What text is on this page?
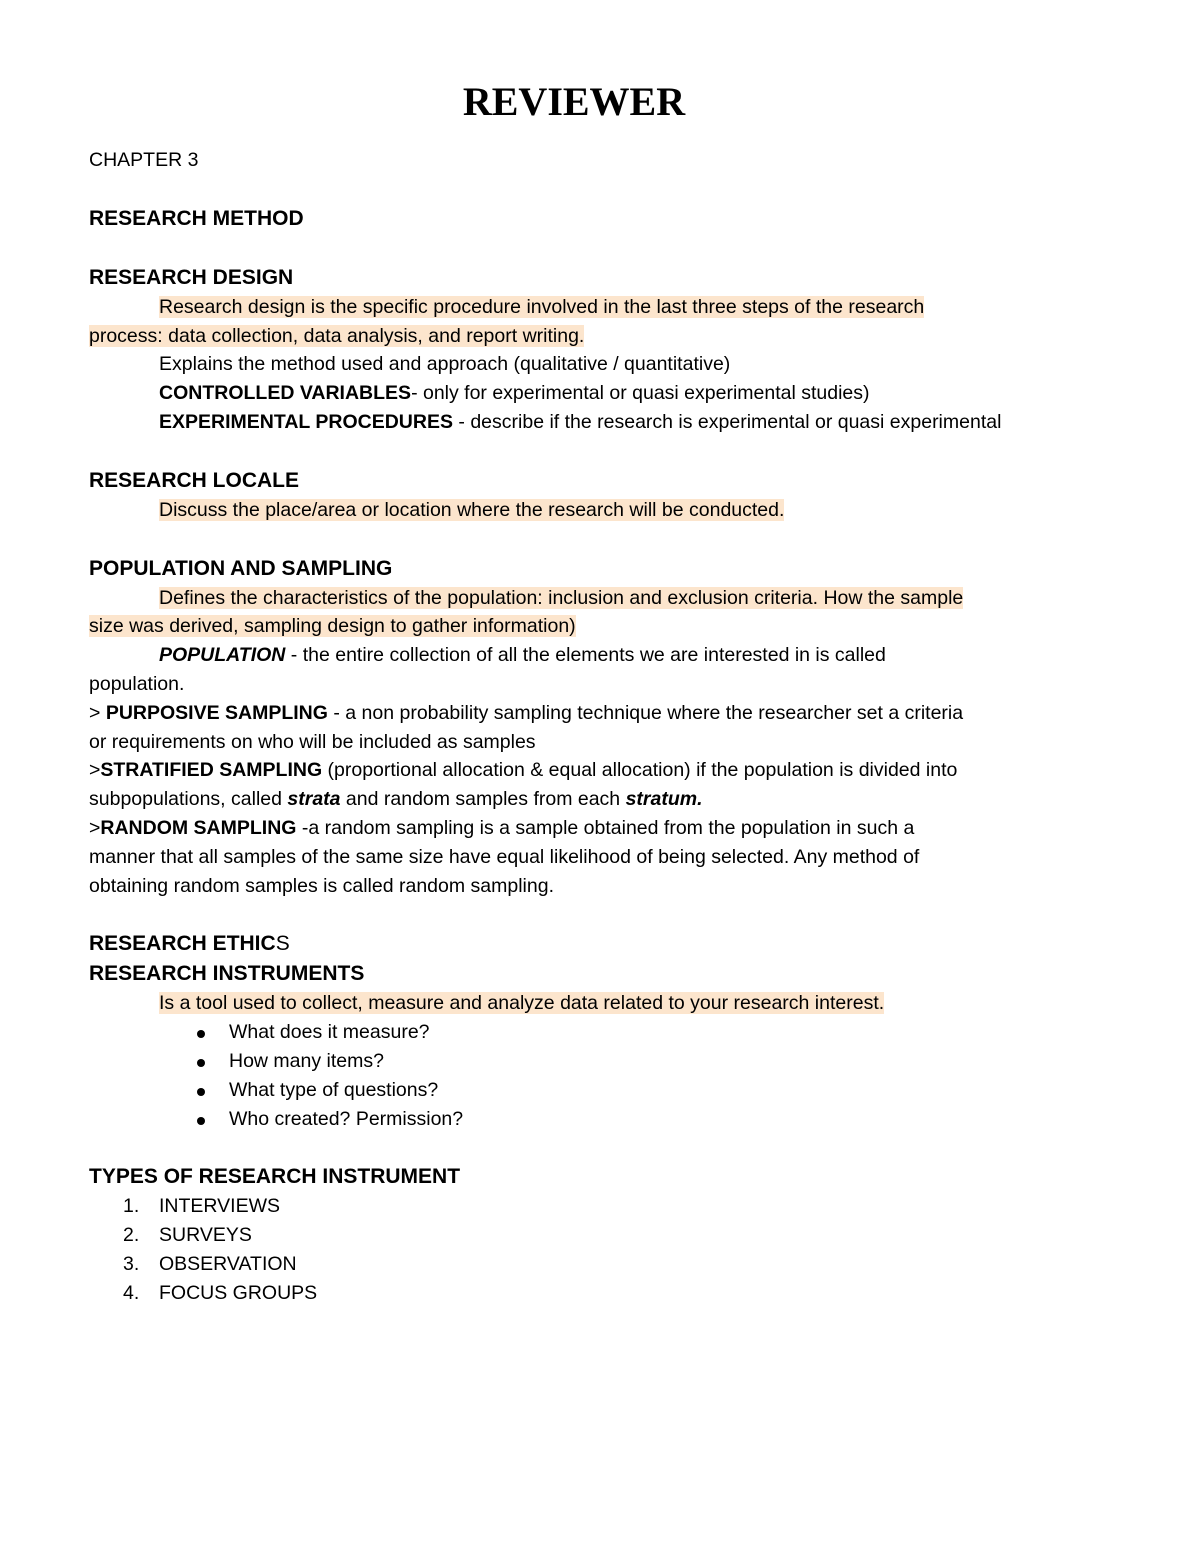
REVIEWER
CHAPTER 3
RESEARCH METHOD
RESEARCH DESIGN
Research design is the specific procedure involved in the last three steps of the research
process: data collection, data analysis, and report writing.
Explains the method used and approach (qualitative / quantitative)
CONTROLLED VARIABLES- only for experimental or quasi experimental studies)
EXPERIMENTAL PROCEDURES - describe if the research is experimental or quasi experimental
RESEARCH LOCALE
Discuss the place/area or location where the research will be conducted.
POPULATION AND SAMPLING
Defines the characteristics of the population: inclusion and exclusion criteria. How the sample
size was derived, sampling design to gather information)
POPULATION - the entire collection of all the elements we are interested in is called
population.
> PURPOSIVE SAMPLING - a non probability sampling technique where the researcher set a criteria
or requirements on who will be included as samples
>STRATIFIED SAMPLING (proportional allocation & equal allocation) if the population is divided into
subpopulations, called strata and random samples from each stratum.
>RANDOM SAMPLING -a random sampling is a sample obtained from the population in such a
manner that all samples of the same size have equal likelihood of being selected. Any method of
obtaining random samples is called random sampling.
RESEARCH ETHICS
RESEARCH INSTRUMENTS
Is a tool used to collect, measure and analyze data related to your research interest.
What does it measure?
How many items?
What type of questions?
Who created? Permission?
TYPES OF RESEARCH INSTRUMENT
1. INTERVIEWS
2. SURVEYS
3. OBSERVATION
4. FOCUS GROUPS
